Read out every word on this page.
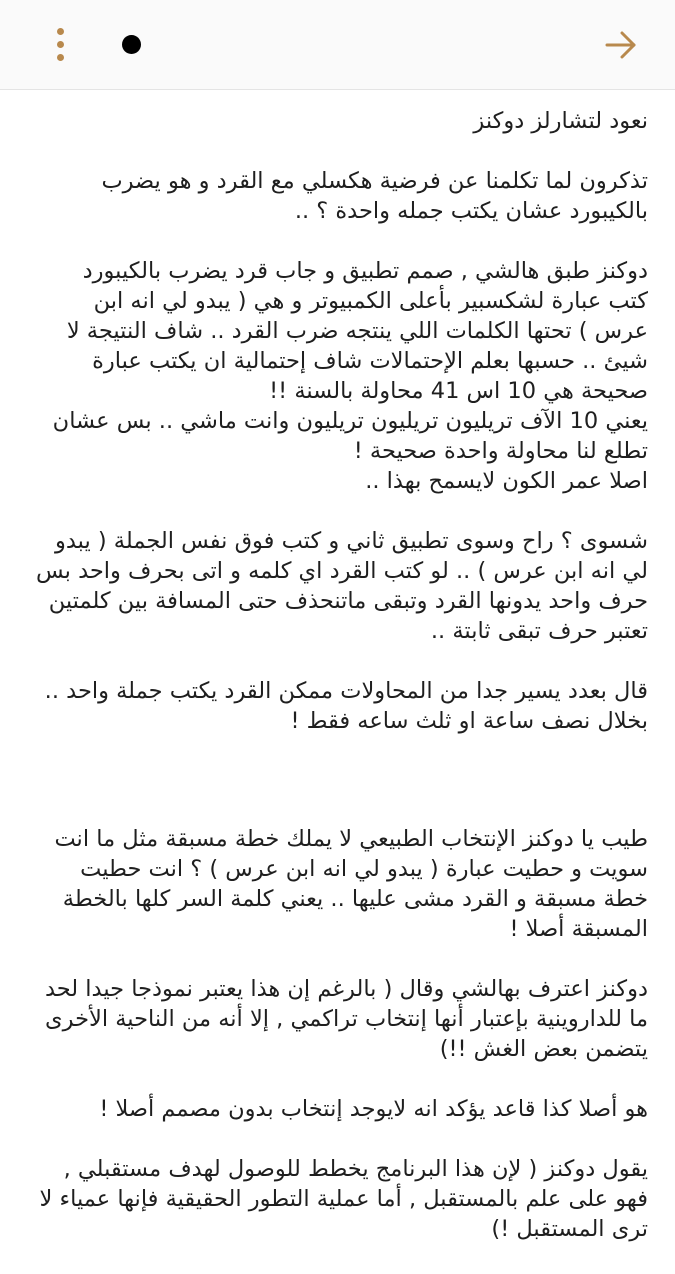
نعود لتشارلز دوكنز
تذكرون لما تكلمنا عن فرضية هكسلي مع القرد و هو يضرب
بالكيبورد عشان يكتب جمله واحدة ؟ ..
دوكنز طبق هالشي , صمم تطبيق و جاب قرد يضرب بالكيبورد
كتب عبارة لشكسبير بأعلى الكمبيوتر و هي ( يبدو لي انه ابن
عرس ) تحتها الكلمات اللي ينتجه ضرب القرد .. شاف النتيجة لا
شيئ .. حسبها بعلم الإحتمالات شاف إحتمالية ان يكتب عبارة
صحيحة هي 10 اس 41 محاولة بالسنة !!
يعني 10 الآف تريليون تريليون تريليون وانت ماشي .. بس عشان
تطلع لنا محاولة واحدة صحيحة !
اصلا عمر الكون لايسمح بهذا ..
شسوى ؟ راح وسوى تطبيق ثاني و كتب فوق نفس الجملة ( يبدو
لي انه ابن عرس ) .. لو كتب القرد اي كلمه و اتى بحرف واحد بس
حرف واحد يدونها القرد وتبقى ماتنحذف حتى المسافة بين كلمتين
تعتبر حرف تبقى ثابتة ..
قال بعدد يسير جدا من المحاولات ممكن القرد يكتب جملة واحد ..
بخلال نصف ساعة او ثلث ساعه فقط !
طيب يا دوكنز الإنتخاب الطبيعي لا يملك خطة مسبقة مثل ما انت
سويت و حطيت عبارة ( يبدو لي انه ابن عرس ) ؟ انت حطيت
خطة مسبقة و القرد مشى عليها .. يعني كلمة السر كلها بالخطة
المسبقة أصلا !
دوكنز اعترف بهالشي وقال ( بالرغم إن هذا يعتبر نموذجا جيدا لحد
ما للداروينية بإعتبار أنها إنتخاب تراكمي , إلا أنه من الناحية الأخرى
يتضمن بعض الغش !!)
هو أصلا كذا قاعد يؤكد انه لايوجد إنتخاب بدون مصمم أصلا !
يقول دوكنز ( لإن هذا البرنامج يخطط للوصول لهدف مستقبلي ,
فهو على علم بالمستقبل , أما عملية التطور الحقيقية فإنها عمياء لا
ترى المستقبل !)
